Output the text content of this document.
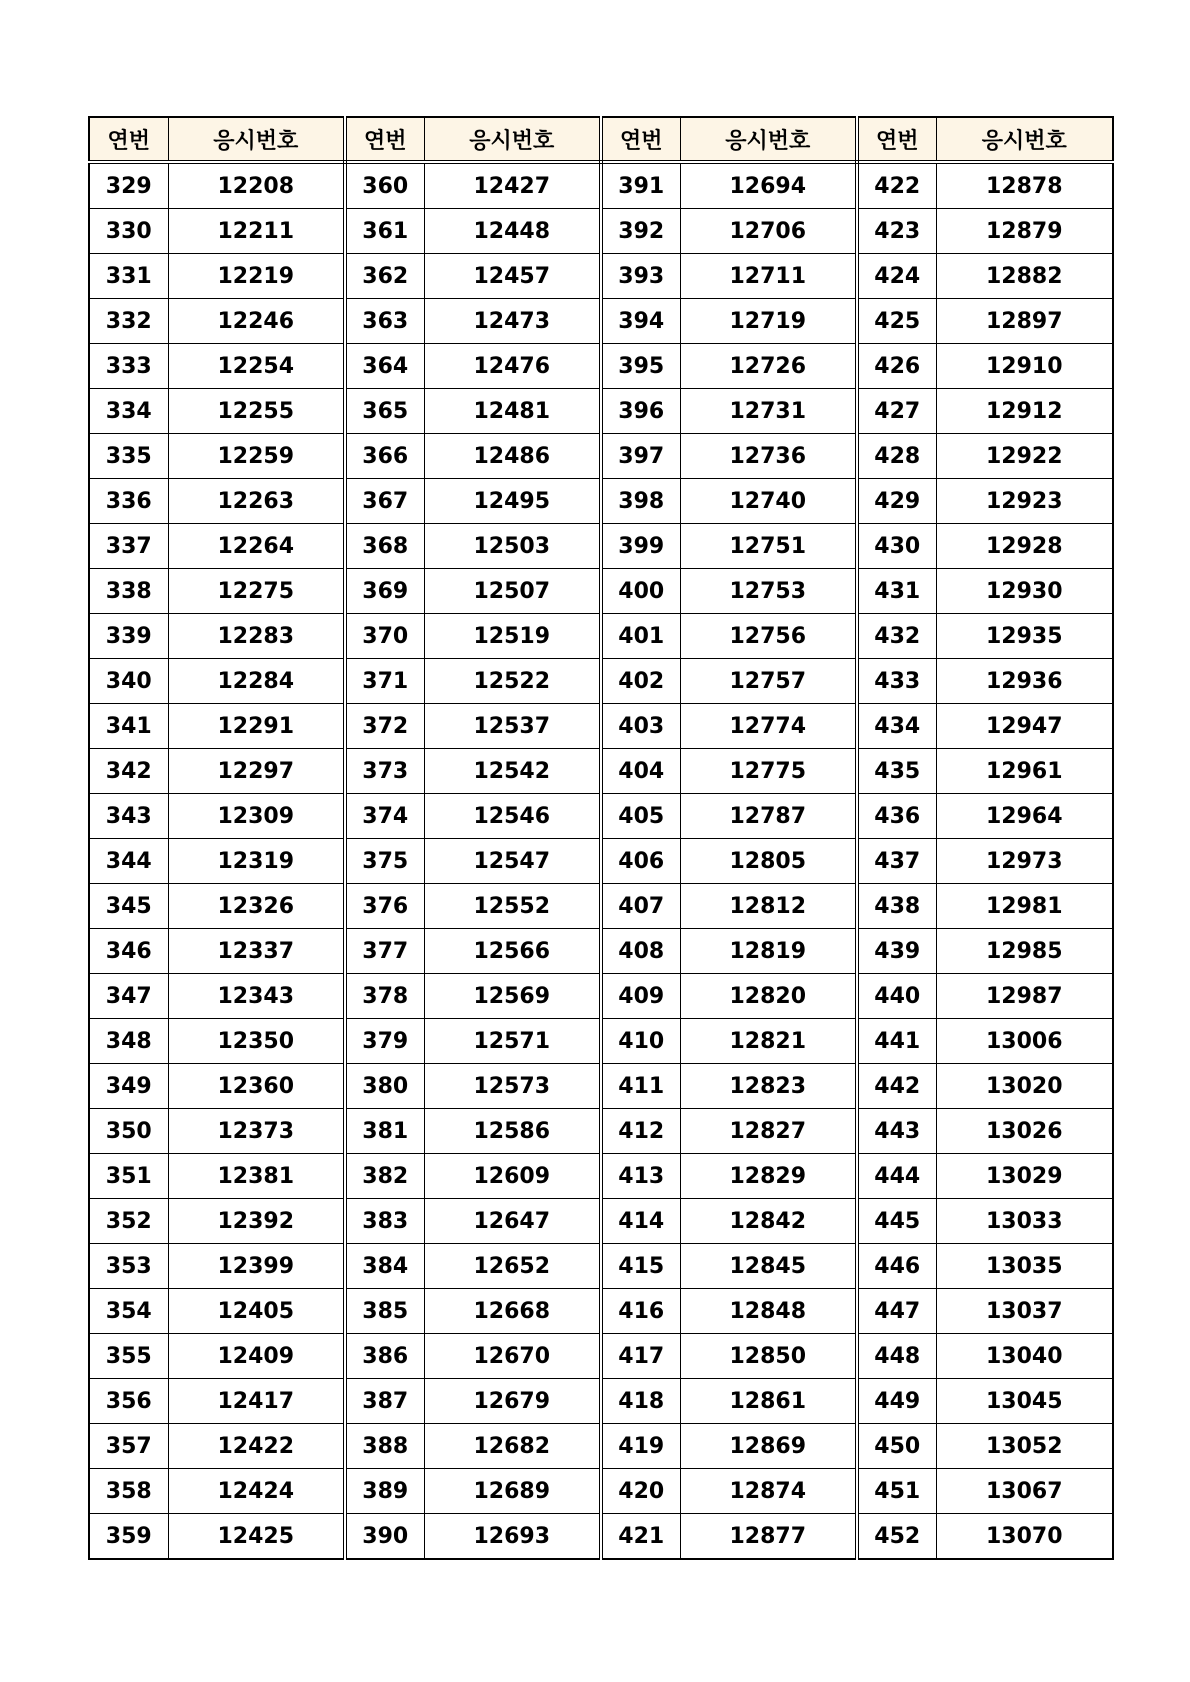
연번	응시번호	연번	응시번호	연번	응시번호	연번	응시번호
329	12208	360	12427	391	12694	422	12878
330	12211	361	12448	392	12706	423	12879
331	12219	362	12457	393	12711	424	12882
332	12246	363	12473	394	12719	425	12897
333	12254	364	12476	395	12726	426	12910
334	12255	365	12481	396	12731	427	12912
335	12259	366	12486	397	12736	428	12922
336	12263	367	12495	398	12740	429	12923
337	12264	368	12503	399	12751	430	12928
338	12275	369	12507	400	12753	431	12930
339	12283	370	12519	401	12756	432	12935
340	12284	371	12522	402	12757	433	12936
341	12291	372	12537	403	12774	434	12947
342	12297	373	12542	404	12775	435	12961
343	12309	374	12546	405	12787	436	12964
344	12319	375	12547	406	12805	437	12973
345	12326	376	12552	407	12812	438	12981
346	12337	377	12566	408	12819	439	12985
347	12343	378	12569	409	12820	440	12987
348	12350	379	12571	410	12821	441	13006
349	12360	380	12573	411	12823	442	13020
350	12373	381	12586	412	12827	443	13026
351	12381	382	12609	413	12829	444	13029
352	12392	383	12647	414	12842	445	13033
353	12399	384	12652	415	12845	446	13035
354	12405	385	12668	416	12848	447	13037
355	12409	386	12670	417	12850	448	13040
356	12417	387	12679	418	12861	449	13045
357	12422	388	12682	419	12869	450	13052
358	12424	389	12689	420	12874	451	13067
359	12425	390	12693	421	12877	452	13070
